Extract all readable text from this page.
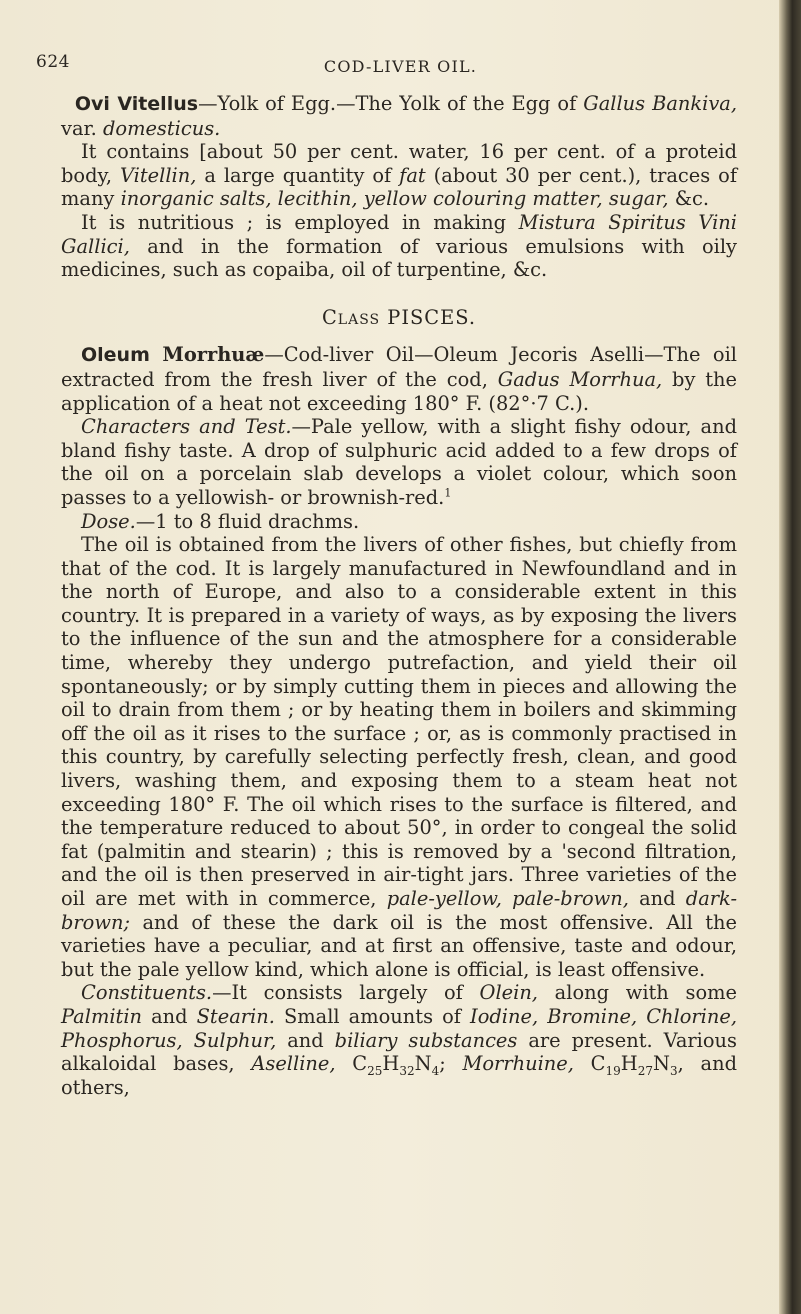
624	COD-LIVER OIL.

Ovi Vitellus—Yolk of Egg.—The Yolk of the Egg of Gallus Bankiva, var. domesticus.

It contains [about 50 per cent. water, 16 per cent. of a proteid body, Vitellin, a large quantity of fat (about 30 per cent.), traces of many inorganic salts, lecithin, yellow colouring matter, sugar, &c.

It is nutritious ; is employed in making Mistura Spiritus Vini Gallici, and in the formation of various emulsions with oily medicines, such as copaiba, oil of turpentine, &c.

Class PISCES.

Oleum Morrhuæ—Cod-liver Oil—Oleum Jecoris Aselli—The oil extracted from the fresh liver of the cod, Gadus Morrhua, by the application of a heat not exceeding 180° F. (82°·7 C.).

Characters and Test.—Pale yellow, with a slight fishy odour, and bland fishy taste. A drop of sulphuric acid added to a few drops of the oil on a porcelain slab develops a violet colour, which soon passes to a yellowish- or brownish-red.$^1$

Dose.—1 to 8 fluid drachms.

The oil is obtained from the livers of other fishes, but chiefly from that of the cod. It is largely manufactured in Newfoundland and in the north of Europe, and also to a considerable extent in this country. It is prepared in a variety of ways, as by exposing the livers to the influence of the sun and the atmosphere for a considerable time, whereby they undergo putrefaction, and yield their oil spontaneously; or by simply cutting them in pieces and allowing the oil to drain from them ; or by heating them in boilers and skimming off the oil as it rises to the surface ; or, as is commonly practised in this country, by carefully selecting perfectly fresh, clean, and good livers, washing them, and exposing them to a steam heat not exceeding 180° F. The oil which rises to the surface is filtered, and the temperature reduced to about 50°, in order to congeal the solid fat (palmitin and stearin) ; this is removed by a 'second filtration, and the oil is then preserved in air-tight jars. Three varieties of the oil are met with in commerce, pale-yellow, pale-brown, and dark-brown; and of these the dark oil is the most offensive. All the varieties have a peculiar, and at first an offensive, taste and odour, but the pale yellow kind, which alone is official, is least offensive.

Constituents.—It consists largely of Olein, along with some Palmitin and Stearin. Small amounts of Iodine, Bromine, Chlorine, Phosphorus, Sulphur, and biliary substances are present. Various alkaloidal bases, Aselline, $C_{25}H_{32}N_4$; Morrhuine, $C_{19}H_{27}N_3$, and others,
